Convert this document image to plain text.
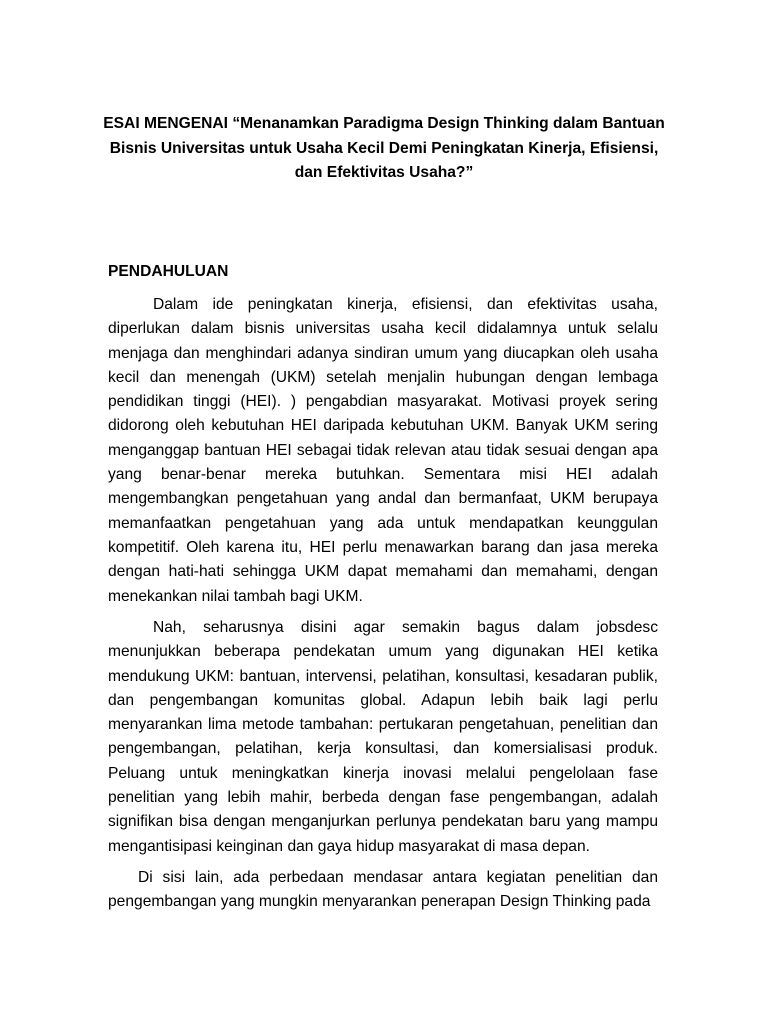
ESAI MENGENAI “Menanamkan Paradigma Design Thinking dalam Bantuan Bisnis Universitas untuk Usaha Kecil Demi Peningkatan Kinerja, Efisiensi, dan Efektivitas Usaha?”
PENDAHULUAN

Dalam ide peningkatan kinerja, efisiensi, dan efektivitas usaha, diperlukan dalam bisnis universitas usaha kecil didalamnya untuk selalu menjaga dan menghindari adanya sindiran umum yang diucapkan oleh usaha kecil dan menengah (UKM) setelah menjalin hubungan dengan lembaga pendidikan tinggi (HEI). ) pengabdian masyarakat. Motivasi proyek sering didorong oleh kebutuhan HEI daripada kebutuhan UKM. Banyak UKM sering menganggap bantuan HEI sebagai tidak relevan atau tidak sesuai dengan apa yang benar-benar mereka butuhkan. Sementara misi HEI adalah mengembangkan pengetahuan yang andal dan bermanfaat, UKM berupaya memanfaatkan pengetahuan yang ada untuk mendapatkan keunggulan kompetitif. Oleh karena itu, HEI perlu menawarkan barang dan jasa mereka dengan hati-hati sehingga UKM dapat memahami dan memahami, dengan menekankan nilai tambah bagi UKM.

Nah, seharusnya disini agar semakin bagus dalam jobsdesc menunjukkan beberapa pendekatan umum yang digunakan HEI ketika mendukung UKM: bantuan, intervensi, pelatihan, konsultasi, kesadaran publik, dan pengembangan komunitas global. Adapun lebih baik lagi perlu menyarankan lima metode tambahan: pertukaran pengetahuan, penelitian dan pengembangan, pelatihan, kerja konsultasi, dan komersialisasi produk. Peluang untuk meningkatkan kinerja inovasi melalui pengelolaan fase penelitian yang lebih mahir, berbeda dengan fase pengembangan, adalah signifikan bisa dengan menganjurkan perlunya pendekatan baru yang mampu mengantisipasi keinginan dan gaya hidup masyarakat di masa depan.

Di sisi lain, ada perbedaan mendasar antara kegiatan penelitian dan pengembangan yang mungkin menyarankan penerapan Design Thinking pada
